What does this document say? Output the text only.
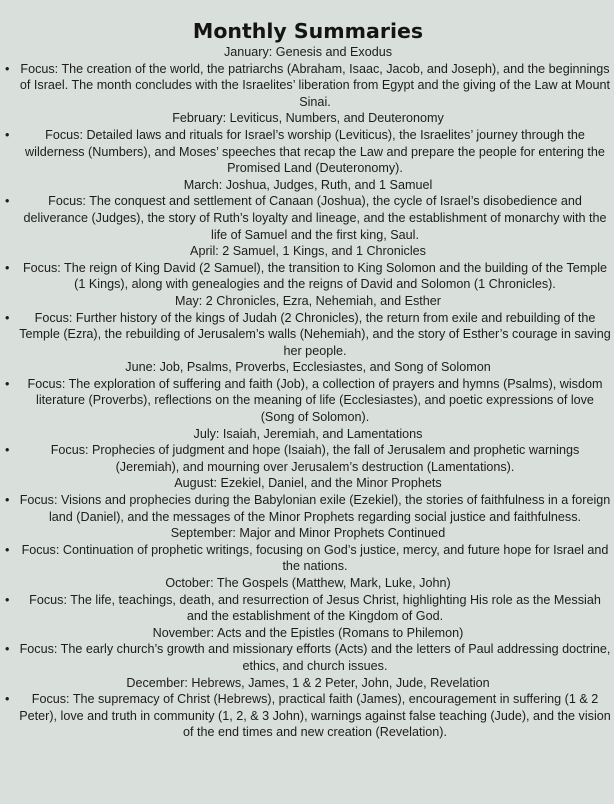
Monthly Summaries

January: Genesis and Exodus

• Focus: The creation of the world, the patriarchs (Abraham, Isaac, Jacob, and Joseph), and the beginnings of Israel. The month concludes with the Israelites’ liberation from Egypt and the giving of the Law at Mount Sinai.

February: Leviticus, Numbers, and Deuteronomy

•	Focus: Detailed laws and rituals for Israel’s worship (Leviticus), the Israelites’ journey through the wilderness (Numbers), and Moses’ speeches that recap the Law and prepare the people for entering the Promised Land (Deuteronomy).

March: Joshua, Judges, Ruth, and 1 Samuel

•	Focus: The conquest and settlement of Canaan (Joshua), the cycle of Israel’s disobedience and deliverance (Judges), the story of Ruth’s loyalty and lineage, and the establishment of monarchy with the life of Samuel and the first king, Saul.

April: 2 Samuel, 1 Kings, and 1 Chronicles

• Focus: The reign of King David (2 Samuel), the transition to King Solomon and the building of the Temple (1 Kings), along with genealogies and the reigns of David and Solomon (1 Chronicles).

May: 2 Chronicles, Ezra, Nehemiah, and Esther

• Focus: Further history of the kings of Judah (2 Chronicles), the return from exile and rebuilding of the Temple (Ezra), the rebuilding of Jerusalem’s walls (Nehemiah), and the story of Esther’s courage in saving her people.

June: Job, Psalms, Proverbs, Ecclesiastes, and Song of Solomon

• Focus: The exploration of suffering and faith (Job), a collection of prayers and hymns (Psalms), wisdom literature (Proverbs), reflections on the meaning of life (Ecclesiastes), and poetic expressions of love (Song of Solomon).

July: Isaiah, Jeremiah, and Lamentations

•	Focus: Prophecies of judgment and hope (Isaiah), the fall of Jerusalem and prophetic warnings (Jeremiah), and mourning over Jerusalem’s destruction (Lamentations).

August: Ezekiel, Daniel, and the Minor Prophets

• Focus: Visions and prophecies during the Babylonian exile (Ezekiel), the stories of faithfulness in a foreign land (Daniel), and the messages of the Minor Prophets regarding social justice and faithfulness.

September: Major and Minor Prophets Continued

• Focus: Continuation of prophetic writings, focusing on God’s justice, mercy, and future hope for Israel and the nations.

October: The Gospels (Matthew, Mark, Luke, John)

• Focus: The life, teachings, death, and resurrection of Jesus Christ, highlighting His role as the Messiah and the establishment of the Kingdom of God.

November: Acts and the Epistles (Romans to Philemon)

• Focus: The early church’s growth and missionary efforts (Acts) and the letters of Paul addressing doctrine, ethics, and church issues.

December: Hebrews, James, 1 & 2 Peter, John, Jude, Revelation

• Focus: The supremacy of Christ (Hebrews), practical faith (James), encouragement in suffering (1 & 2 Peter), love and truth in community (1, 2, & 3 John), warnings against false teaching (Jude), and the vision of the end times and new creation (Revelation).
